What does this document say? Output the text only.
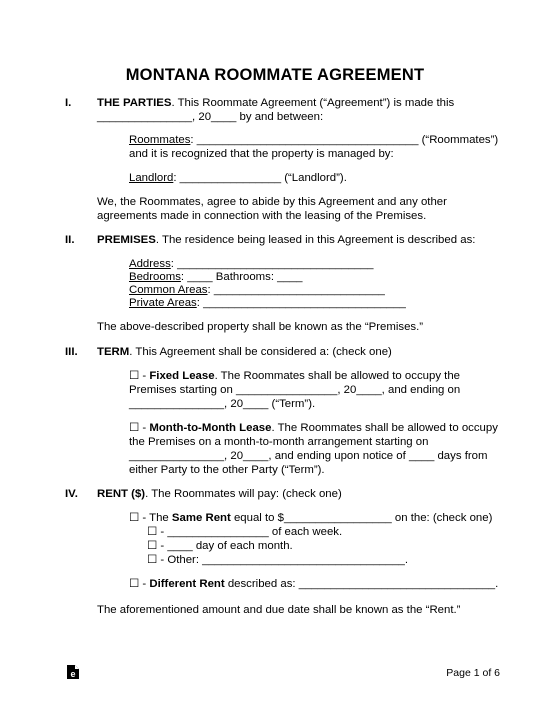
MONTANA ROOMMATE AGREEMENT
I. THE PARTIES. This Roommate Agreement (“Agreement”) is made this
_______________, 20____ by and between:
Roommates: ___________________________________ (“Roommates”)
and it is recognized that the property is managed by:
Landlord: ________________ (“Landlord”).
We, the Roommates, agree to abide by this Agreement and any other
agreements made in connection with the leasing of the Premises.
II. PREMISES. The residence being leased in this Agreement is described as:
Address: _______________________________
Bedrooms: ____ Bathrooms: ____
Common Areas: ___________________________
Private Areas: ________________________________
The above-described property shall be known as the “Premises.”
III. TERM. This Agreement shall be considered a: (check one)
☐ - Fixed Lease. The Roommates shall be allowed to occupy the
Premises starting on ________________, 20____, and ending on
_______________, 20____ (“Term”).
☐ - Month-to-Month Lease. The Roommates shall be allowed to occupy
the Premises on a month-to-month arrangement starting on
_______________, 20____, and ending upon notice of ____ days from
either Party to the other Party (“Term”).
IV. RENT ($). The Roommates will pay: (check one)
☐ - The Same Rent equal to $_________________ on the: (check one)
☐ - ________________ of each week.
☐ - ____ day of each month.
☐ - Other: ________________________________.
☐ - Different Rent described as: _______________________________.
The aforementioned amount and due date shall be known as the “Rent.”
e	Page 1 of 6
